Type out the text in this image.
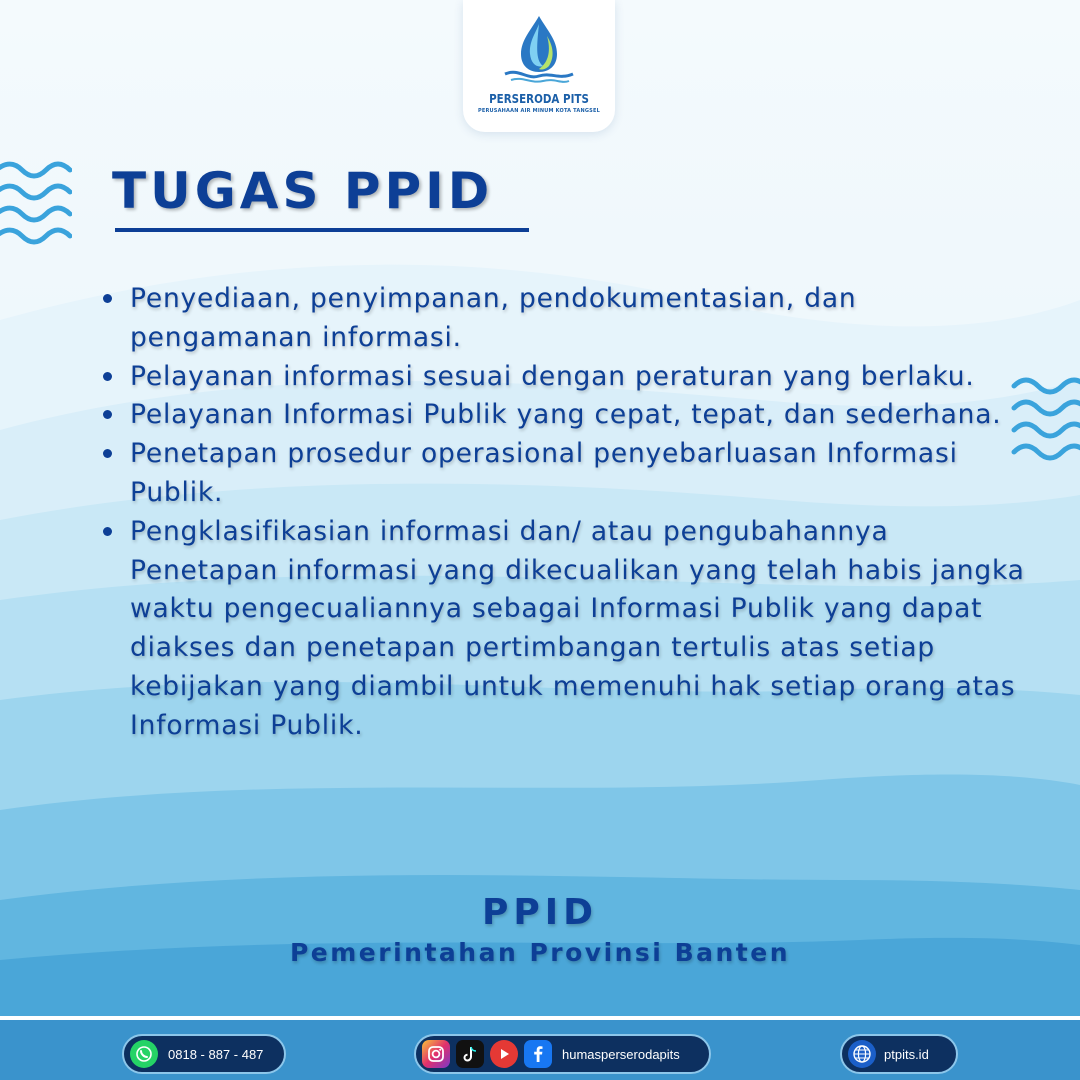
PERSERODA PITS
PERUSAHAAN AIR MINUM KOTA TANGSEL
TUGAS PPID
Penyediaan, penyimpanan, pendokumentasian, dan pengamanan informasi.
Pelayanan informasi sesuai dengan peraturan yang berlaku.
Pelayanan Informasi Publik yang cepat, tepat, dan sederhana.
Penetapan prosedur operasional penyebarluasan Informasi Publik.
Pengklasifikasian informasi dan/ atau pengubahannya Penetapan informasi yang dikecualikan yang telah habis jangka waktu pengecualiannya sebagai Informasi Publik yang dapat diakses dan penetapan pertimbangan tertulis atas setiap kebijakan yang diambil untuk memenuhi hak setiap orang atas Informasi Publik.
PPID
Pemerintahan Provinsi Banten
0818 - 887 - 487	humasperserodapits	ptpits.id
